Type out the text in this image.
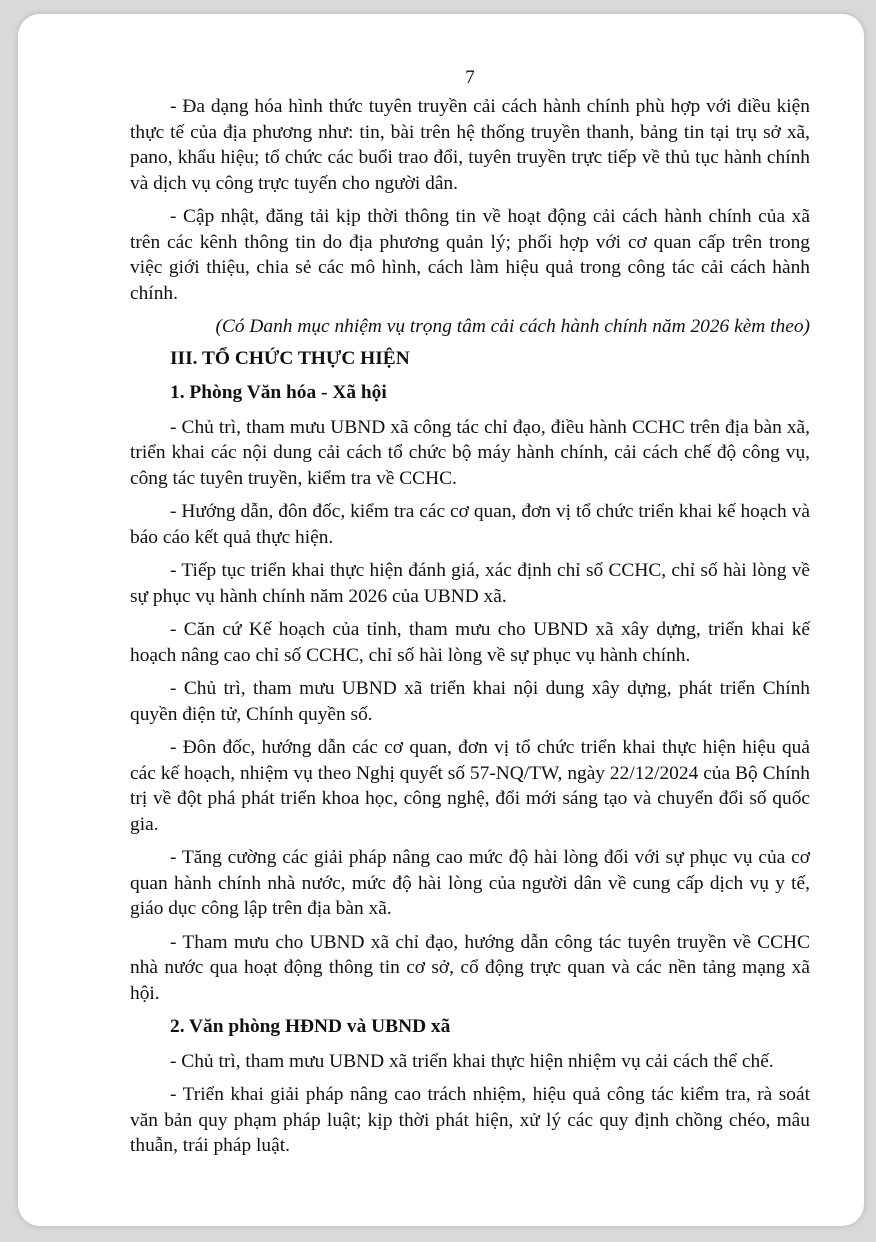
7

- Đa dạng hóa hình thức tuyên truyền cải cách hành chính phù hợp với điều kiện thực tế của địa phương như: tin, bài trên hệ thống truyền thanh, bảng tin tại trụ sở xã, pano, khẩu hiệu; tổ chức các buổi trao đổi, tuyên truyền trực tiếp về thủ tục hành chính và dịch vụ công trực tuyến cho người dân.

- Cập nhật, đăng tải kịp thời thông tin về hoạt động cải cách hành chính của xã trên các kênh thông tin do địa phương quản lý; phối hợp với cơ quan cấp trên trong việc giới thiệu, chia sẻ các mô hình, cách làm hiệu quả trong công tác cải cách hành chính.

(Có Danh mục nhiệm vụ trọng tâm cải cách hành chính năm 2026 kèm theo)

III. TỔ CHỨC THỰC HIỆN

1. Phòng Văn hóa - Xã hội

- Chủ trì, tham mưu UBND xã công tác chỉ đạo, điều hành CCHC trên địa bàn xã, triển khai các nội dung cải cách tổ chức bộ máy hành chính, cải cách chế độ công vụ, công tác tuyên truyền, kiểm tra về CCHC.

- Hướng dẫn, đôn đốc, kiểm tra các cơ quan, đơn vị tổ chức triển khai kế hoạch và báo cáo kết quả thực hiện.

- Tiếp tục triển khai thực hiện đánh giá, xác định chỉ số CCHC, chỉ số hài lòng về sự phục vụ hành chính năm 2026 của UBND xã.

- Căn cứ Kế hoạch của tỉnh, tham mưu cho UBND xã xây dựng, triển khai kế hoạch nâng cao chỉ số CCHC, chỉ số hài lòng về sự phục vụ hành chính.

- Chủ trì, tham mưu UBND xã triển khai nội dung xây dựng, phát triển Chính quyền điện tử, Chính quyền số.

- Đôn đốc, hướng dẫn các cơ quan, đơn vị tổ chức triển khai thực hiện hiệu quả các kế hoạch, nhiệm vụ theo Nghị quyết số 57-NQ/TW, ngày 22/12/2024 của Bộ Chính trị về đột phá phát triển khoa học, công nghệ, đổi mới sáng tạo và chuyển đổi số quốc gia.

- Tăng cường các giải pháp nâng cao mức độ hài lòng đối với sự phục vụ của cơ quan hành chính nhà nước, mức độ hài lòng của người dân về cung cấp dịch vụ y tế, giáo dục công lập trên địa bàn xã.

- Tham mưu cho UBND xã chỉ đạo, hướng dẫn công tác tuyên truyền về CCHC nhà nước qua hoạt động thông tin cơ sở, cổ động trực quan và các nền tảng mạng xã hội.

2. Văn phòng HĐND và UBND xã

- Chủ trì, tham mưu UBND xã triển khai thực hiện nhiệm vụ cải cách thể chế.

- Triển khai giải pháp nâng cao trách nhiệm, hiệu quả công tác kiểm tra, rà soát văn bản quy phạm pháp luật; kịp thời phát hiện, xử lý các quy định chồng chéo, mâu thuẫn, trái pháp luật.
